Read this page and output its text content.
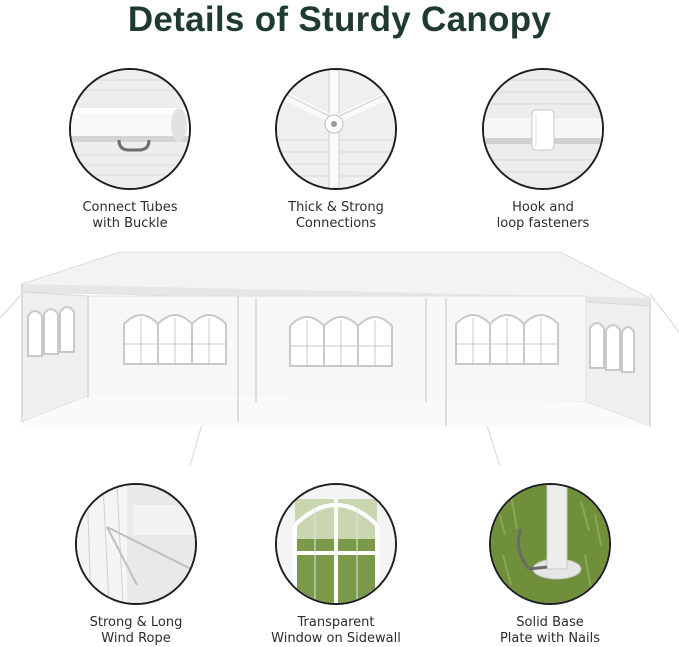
Details of Sturdy Canopy
Connect Tubes
with Buckle
Thick & Strong
Connections
Hook and
loop fasteners
Strong & Long
Wind Rope
Transparent
Window on Sidewall
Solid Base
Plate with Nails
